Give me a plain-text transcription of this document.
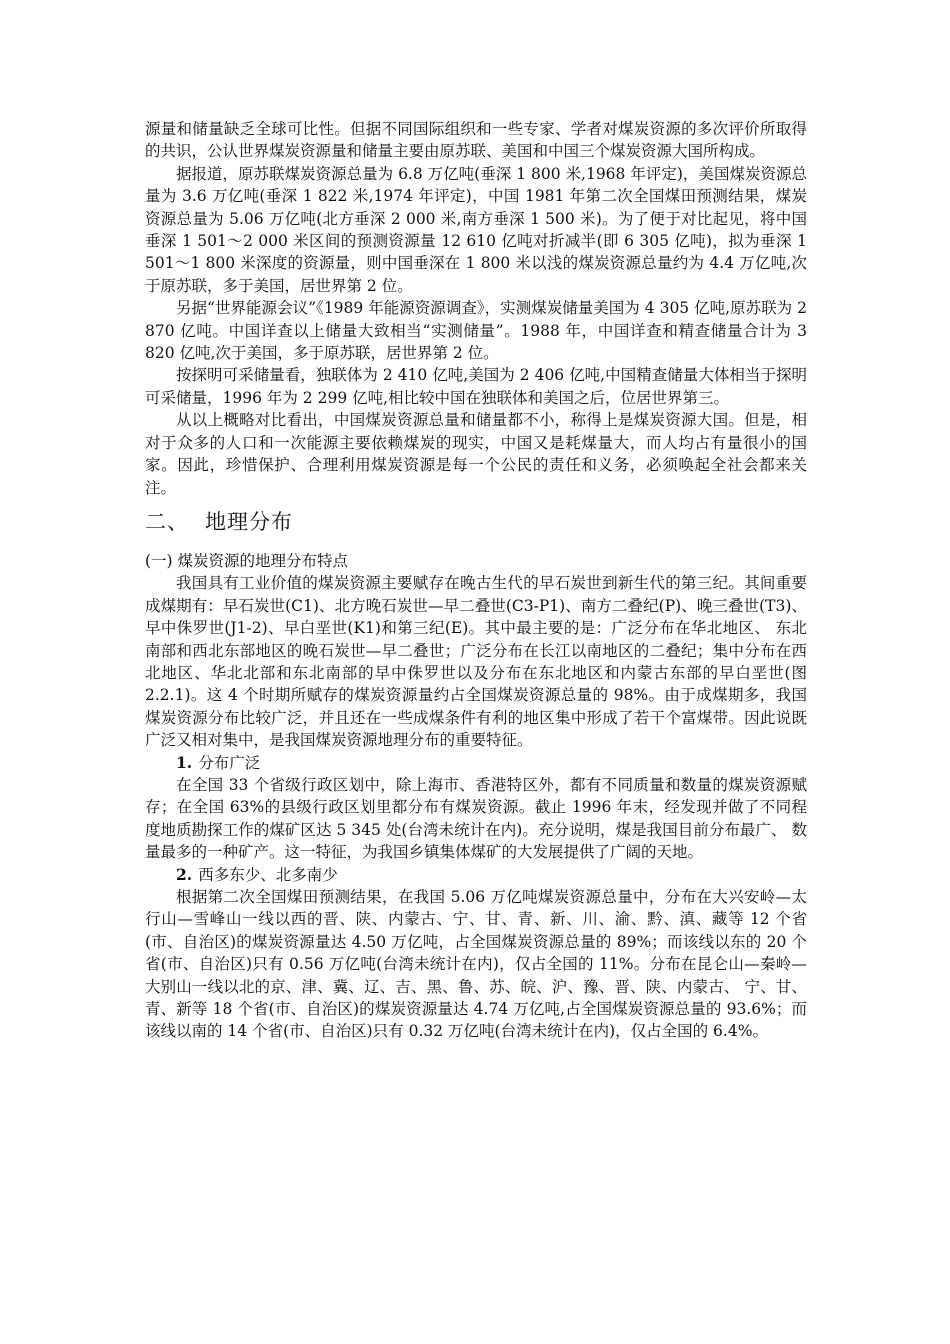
源量和储量缺乏全球可比性。但据不同国际组织和一些专家、学者对煤炭资源的多次评价所取得的共识，公认世界煤炭资源量和储量主要由原苏联、美国和中国三个煤炭资源大国所构成。

据报道，原苏联煤炭资源总量为 6.8 万亿吨(垂深 1 800 米,1968 年评定)，美国煤炭资源总量为 3.6 万亿吨(垂深 1 822 米,1974 年评定)，中国 1981 年第二次全国煤田预测结果，煤炭资源总量为 5.06 万亿吨(北方垂深 2 000 米,南方垂深 1 500 米)。为了便于对比起见，将中国垂深 1 501～2 000 米区间的预测资源量 12 610 亿吨对折减半(即 6 305 亿吨)，拟为垂深 1 501～1 800 米深度的资源量，则中国垂深在 1 800 米以浅的煤炭资源总量约为 4.4 万亿吨,次于原苏联，多于美国，居世界第 2 位。

另据“世界能源会议”《1989 年能源资源调查》，实测煤炭储量美国为 4 305 亿吨,原苏联为 2 870 亿吨。中国详查以上储量大致相当“实测储量”。1988 年，中国详查和精查储量合计为 3 820 亿吨,次于美国，多于原苏联，居世界第 2 位。

按探明可采储量看，独联体为 2 410 亿吨,美国为 2 406 亿吨,中国精查储量大体相当于探明可采储量，1996 年为 2 299 亿吨,相比较中国在独联体和美国之后，位居世界第三。

从以上概略对比看出，中国煤炭资源总量和储量都不小，称得上是煤炭资源大国。但是，相对于众多的人口和一次能源主要依赖煤炭的现实，中国又是耗煤量大，而人均占有量很小的国家。因此，珍惜保护、合理利用煤炭资源是每一个公民的责任和义务，必须唤起全社会都来关注。

二、 地理分布

(一) 煤炭资源的地理分布特点

我国具有工业价值的煤炭资源主要赋存在晚古生代的早石炭世到新生代的第三纪。其间重要成煤期有：早石炭世(C1)、北方晚石炭世—早二叠世(C3-P1)、南方二叠纪(P)、晚三叠世(T3)、早中侏罗世(J1-2)、早白垩世(K1)和第三纪(E)。其中最主要的是：广泛分布在华北地区、 东北南部和西北东部地区的晚石炭世—早二叠世；广泛分布在长江以南地区的二叠纪；集中分布在西北地区、华北北部和东北南部的早中侏罗世以及分布在东北地区和内蒙古东部的早白垩世(图 2.2.1)。这 4 个时期所赋存的煤炭资源量约占全国煤炭资源总量的 98%。由于成煤期多，我国煤炭资源分布比较广泛，并且还在一些成煤条件有利的地区集中形成了若干个富煤带。因此说既广泛又相对集中，是我国煤炭资源地理分布的重要特征。

1. 分布广泛

在全国 33 个省级行政区划中，除上海市、香港特区外，都有不同质量和数量的煤炭资源赋存；在全国 63%的县级行政区划里都分布有煤炭资源。截止 1996 年末，经发现并做了不同程度地质勘探工作的煤矿区达 5 345 处(台湾未统计在内)。充分说明，煤是我国目前分布最广、 数量最多的一种矿产。这一特征，为我国乡镇集体煤矿的大发展提供了广阔的天地。

2. 西多东少、北多南少

根据第二次全国煤田预测结果，在我国 5.06 万亿吨煤炭资源总量中，分布在大兴安岭—太行山—雪峰山一线以西的晋、陕、内蒙古、宁、甘、青、新、川、渝、黔、滇、藏等 12 个省(市、自治区)的煤炭资源量达 4.50 万亿吨，占全国煤炭资源总量的 89%；而该线以东的 20 个省(市、自治区)只有 0.56 万亿吨(台湾未统计在内)，仅占全国的 11%。分布在昆仑山—秦岭—大别山一线以北的京、津、冀、辽、吉、黑、鲁、苏、皖、沪、豫、晋、陕、内蒙古、 宁、甘、青、新等 18 个省(市、自治区)的煤炭资源量达 4.74 万亿吨,占全国煤炭资源总量的 93.6%；而该线以南的 14 个省(市、自治区)只有 0.32 万亿吨(台湾未统计在内)，仅占全国的 6.4%。
